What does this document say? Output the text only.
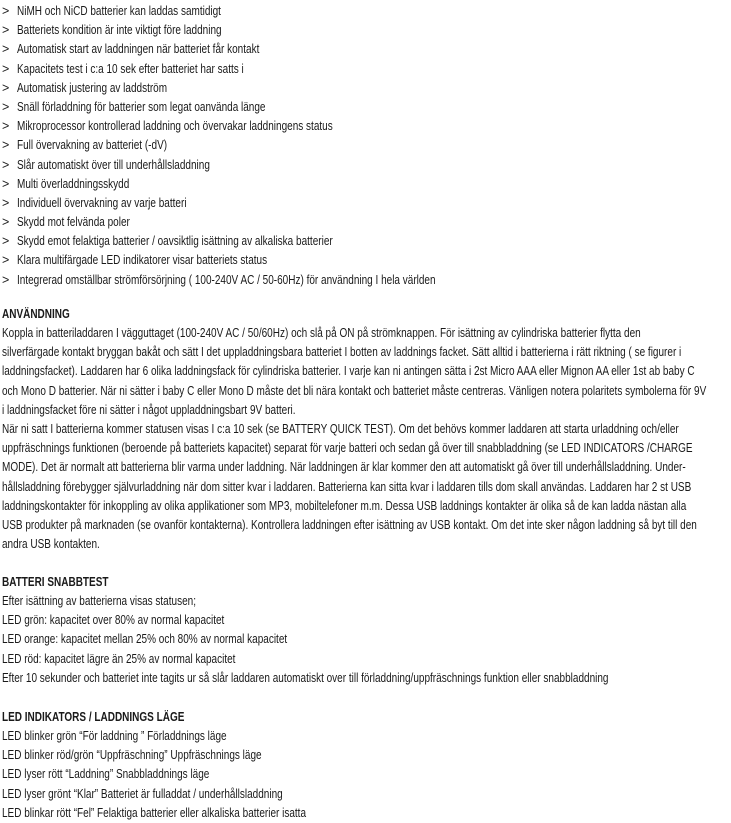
> NiMH och NiCD batterier kan laddas samtidigt
> Batteriets kondition är inte viktigt före laddning
> Automatisk start av laddningen när batteriet får kontakt
> Kapacitets test i c:a 10 sek efter batteriet har satts i
> Automatisk justering av laddström
> Snäll förladdning för batterier som legat oanvända länge
> Mikroprocessor kontrollerad laddning och övervakar laddningens status
> Full övervakning av batteriet (-dV)
> Slår automatiskt över till underhållsladdning
> Multi överladdningsskydd
> Individuell övervakning av varje batteri
> Skydd mot felvända poler
> Skydd emot felaktiga batterier / oavsiktlig isättning av alkaliska batterier
> Klara multifärgade LED indikatorer visar batteriets status
> Integrerad omställbar strömförsörjning ( 100-240V AC / 50-60Hz) för användning I hela världen
ANVÄNDNING
Koppla in batteriladdaren I vägguttaget (100-240V AC / 50/60Hz) och slå på ON på strömknappen. För isättning av cylindriska batterier flytta den
silverfärgade kontakt bryggan bakåt och sätt I det uppladdningsbara batteriet I botten av laddnings facket. Sätt alltid i batterierna i rätt riktning ( se figurer i
laddningsfacket). Laddaren har 6 olika laddningsfack för cylindriska batterier. I varje kan ni antingen sätta i 2st Micro AAA eller Mignon AA eller 1st ab baby C
och Mono D batterier. När ni sätter i baby C eller Mono D måste det bli nära kontakt och batteriet måste centreras. Vänligen notera polaritets symbolerna för 9V
i laddningsfacket före ni sätter i något uppladdningsbart 9V batteri.
När ni satt I batterierna kommer statusen visas I c:a 10 sek (se BATTERY QUICK TEST). Om det behövs kommer laddaren att starta urladdning och/eller
uppfräschnings funktionen (beroende på batteriets kapacitet) separat för varje batteri och sedan gå över till snabbladdning (se LED INDICATORS /CHARGE
MODE). Det är normalt att batterierna blir varma under laddning. När laddningen är klar kommer den att automatiskt gå över till underhållsladdning. Under-
hållsladdning förebygger självurladdning när dom sitter kvar i laddaren. Batterierna kan sitta kvar i laddaren tills dom skall användas. Laddaren har 2 st USB
laddningskontakter för inkoppling av olika applikationer som MP3, mobiltelefoner m.m. Dessa USB laddnings kontakter är olika så de kan ladda nästan alla
USB produkter på marknaden (se ovanför kontakterna). Kontrollera laddningen efter isättning av USB kontakt. Om det inte sker någon laddning så byt till den
andra USB kontakten.
BATTERI SNABBTEST
Efter isättning av batterierna visas statusen;
LED grön: kapacitet over 80% av normal kapacitet
LED orange: kapacitet mellan 25% och 80% av normal kapacitet
LED röd: kapacitet lägre än 25% av normal kapacitet
Efter 10 sekunder och batteriet inte tagits ur så slår laddaren automatiskt over till förladdning/uppfräschnings funktion eller snabbladdning
LED INDIKATORS / LADDNINGS LÄGE
LED blinker grön “För laddning ” Förladdnings läge
LED blinker röd/grön “Uppfräschning” Uppfräschnings läge
LED lyser rött “Laddning” Snabbladdnings läge
LED lyser grönt “Klar” Batteriet är fulladdat / underhållsladdning
LED blinkar rött “Fel” Felaktiga batterier eller alkaliska batterier isatta
